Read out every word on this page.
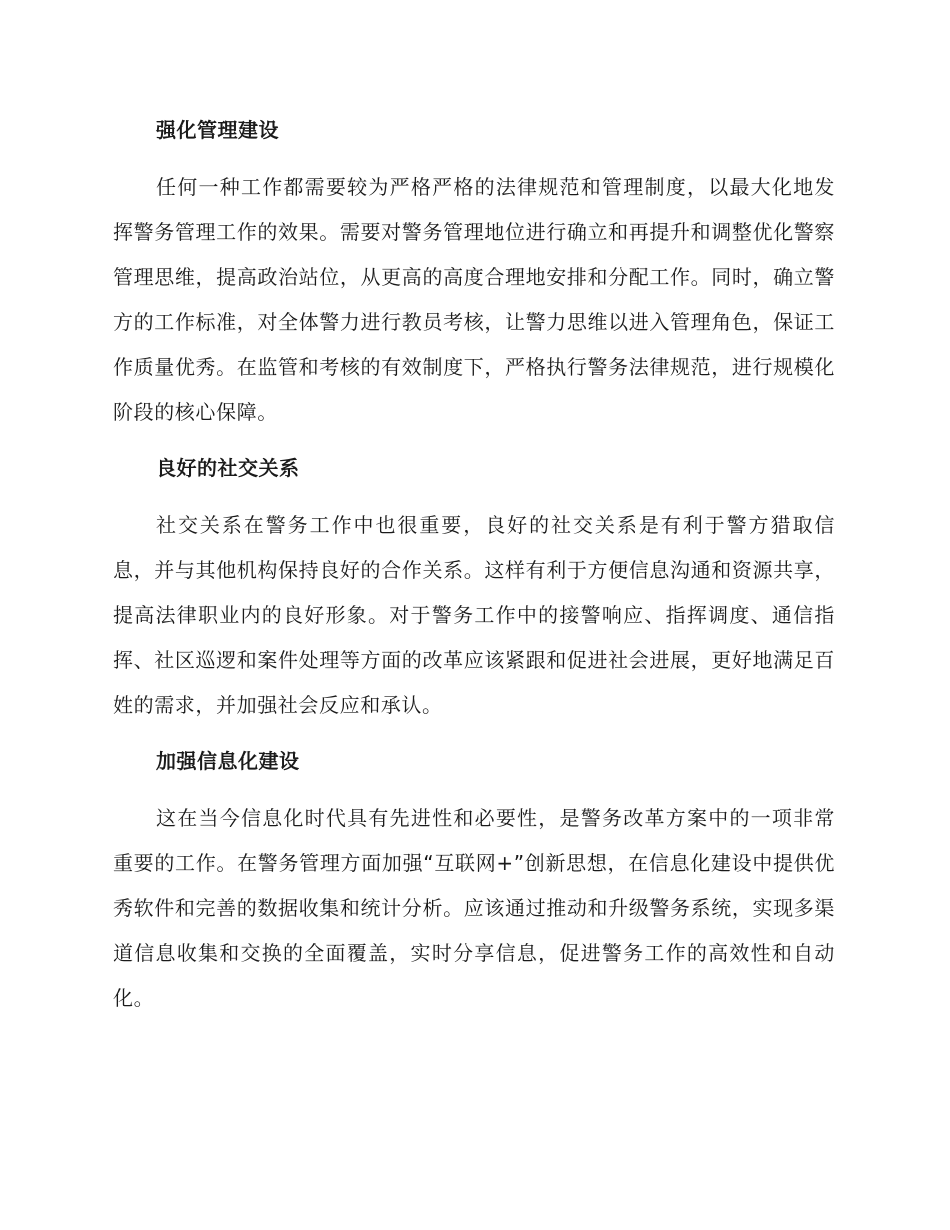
强化管理建设

任何一种工作都需要较为严格严格的法律规范和管理制度，以最大化地发挥警务管理工作的效果。需要对警务管理地位进行确立和再提升和调整优化警察管理思维，提高政治站位，从更高的高度合理地安排和分配工作。同时，确立警方的工作标准，对全体警力进行教员考核，让警力思维以进入管理角色，保证工作质量优秀。在监管和考核的有效制度下，严格执行警务法律规范，进行规模化阶段的核心保障。

良好的社交关系

社交关系在警务工作中也很重要，良好的社交关系是有利于警方猎取信息，并与其他机构保持良好的合作关系。这样有利于方便信息沟通和资源共享，提高法律职业内的良好形象。对于警务工作中的接警响应、指挥调度、通信指挥、社区巡逻和案件处理等方面的改革应该紧跟和促进社会进展，更好地满足百姓的需求，并加强社会反应和承认。

加强信息化建设

这在当今信息化时代具有先进性和必要性，是警务改革方案中的一项非常重要的工作。在警务管理方面加强“互联网+”创新思想，在信息化建设中提供优秀软件和完善的数据收集和统计分析。应该通过推动和升级警务系统，实现多渠道信息收集和交换的全面覆盖，实时分享信息，促进警务工作的高效性和自动化。
